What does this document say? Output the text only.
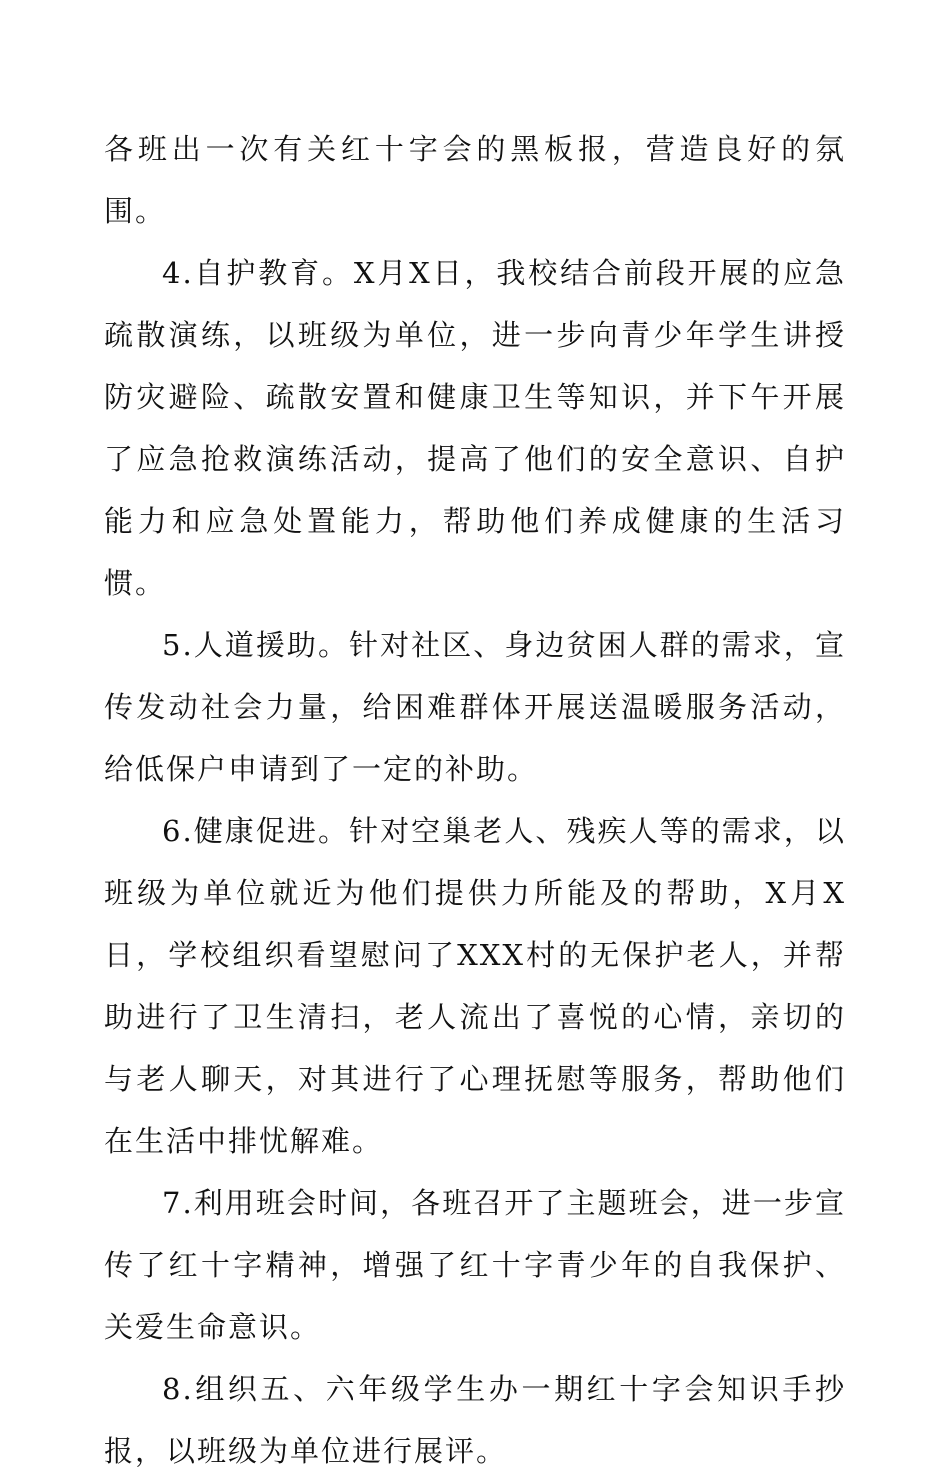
各班出一次有关红十字会的黑板报，营造良好的氛围。

4.自护教育。X月X日，我校结合前段开展的应急疏散演练，以班级为单位，进一步向青少年学生讲授防灾避险、疏散安置和健康卫生等知识，并下午开展了应急抢救演练活动，提高了他们的安全意识、自护能力和应急处置能力，帮助他们养成健康的生活习惯。

5.人道援助。针对社区、身边贫困人群的需求，宣传发动社会力量，给困难群体开展送温暖服务活动，给低保户申请到了一定的补助。

6.健康促进。针对空巢老人、残疾人等的需求，以班级为单位就近为他们提供力所能及的帮助，X月X日，学校组织看望慰问了XXX村的无保护老人，并帮助进行了卫生清扫，老人流出了喜悦的心情，亲切的与老人聊天，对其进行了心理抚慰等服务，帮助他们在生活中排忧解难。

7.利用班会时间，各班召开了主题班会，进一步宣传了红十字精神，增强了红十字青少年的自我保护、关爱生命意识。

8.组织五、六年级学生办一期红十字会知识手抄报，以班级为单位进行展评。
